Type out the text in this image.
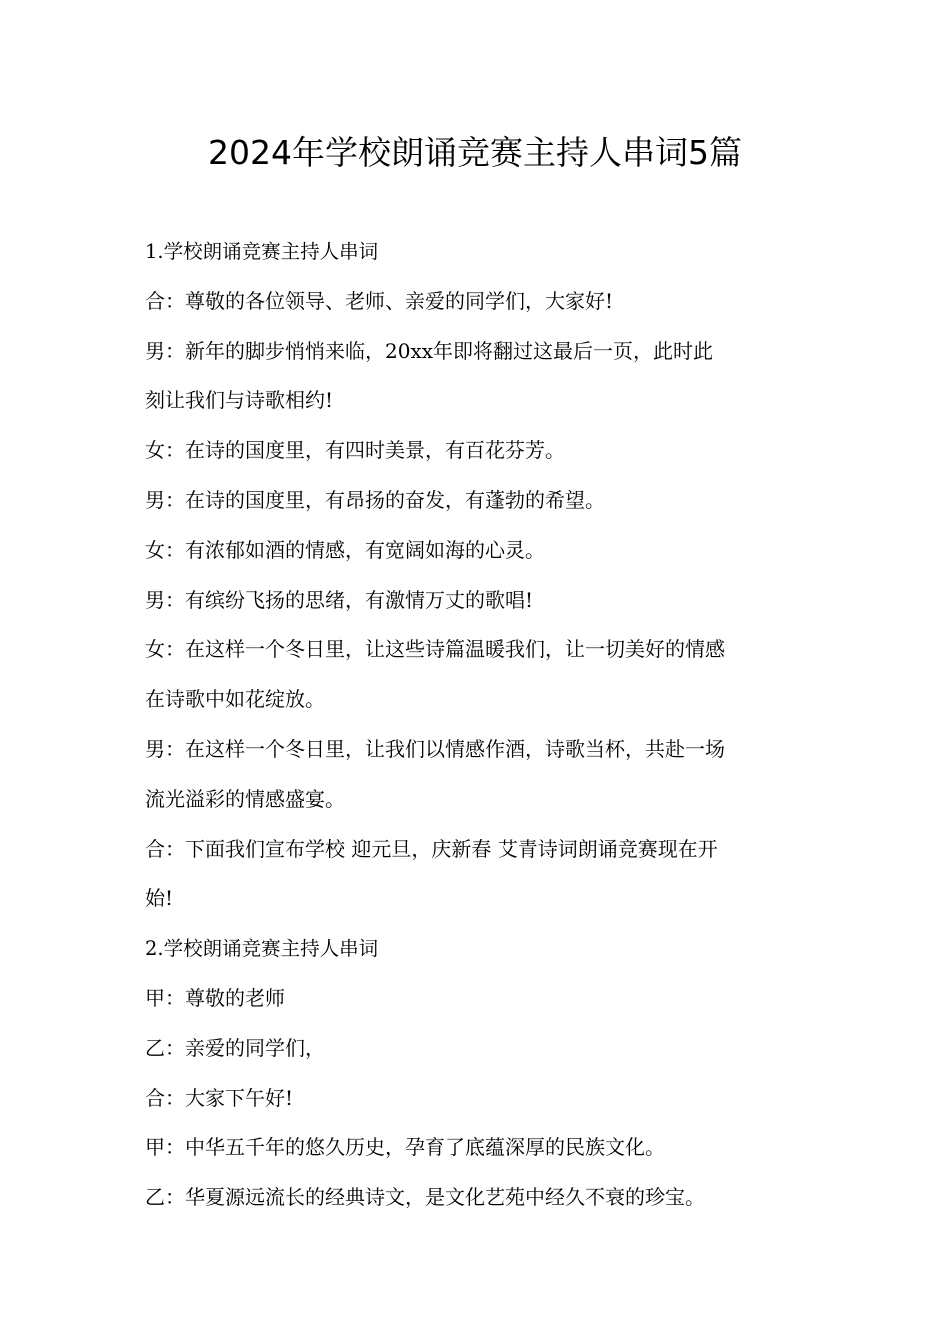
2024年学校朗诵竞赛主持人串词5篇

1.学校朗诵竞赛主持人串词

合：尊敬的各位领导、老师、亲爱的同学们，大家好!

男：新年的脚步悄悄来临，20xx年即将翻过这最后一页，此时此

刻让我们与诗歌相约!

女：在诗的国度里，有四时美景，有百花芬芳。

男：在诗的国度里，有昂扬的奋发，有蓬勃的希望。

女：有浓郁如酒的情感，有宽阔如海的心灵。

男：有缤纷飞扬的思绪，有激情万丈的歌唱!

女：在这样一个冬日里，让这些诗篇温暖我们，让一切美好的情感

在诗歌中如花绽放。

男：在这样一个冬日里，让我们以情感作酒，诗歌当杯，共赴一场

流光溢彩的情感盛宴。

合：下面我们宣布学校 迎元旦，庆新春 艾青诗词朗诵竞赛现在开

始!

2.学校朗诵竞赛主持人串词

甲：尊敬的老师

乙：亲爱的同学们，

合：大家下午好!

甲：中华五千年的悠久历史，孕育了底蕴深厚的民族文化。

乙：华夏源远流长的经典诗文，是文化艺苑中经久不衰的珍宝。
